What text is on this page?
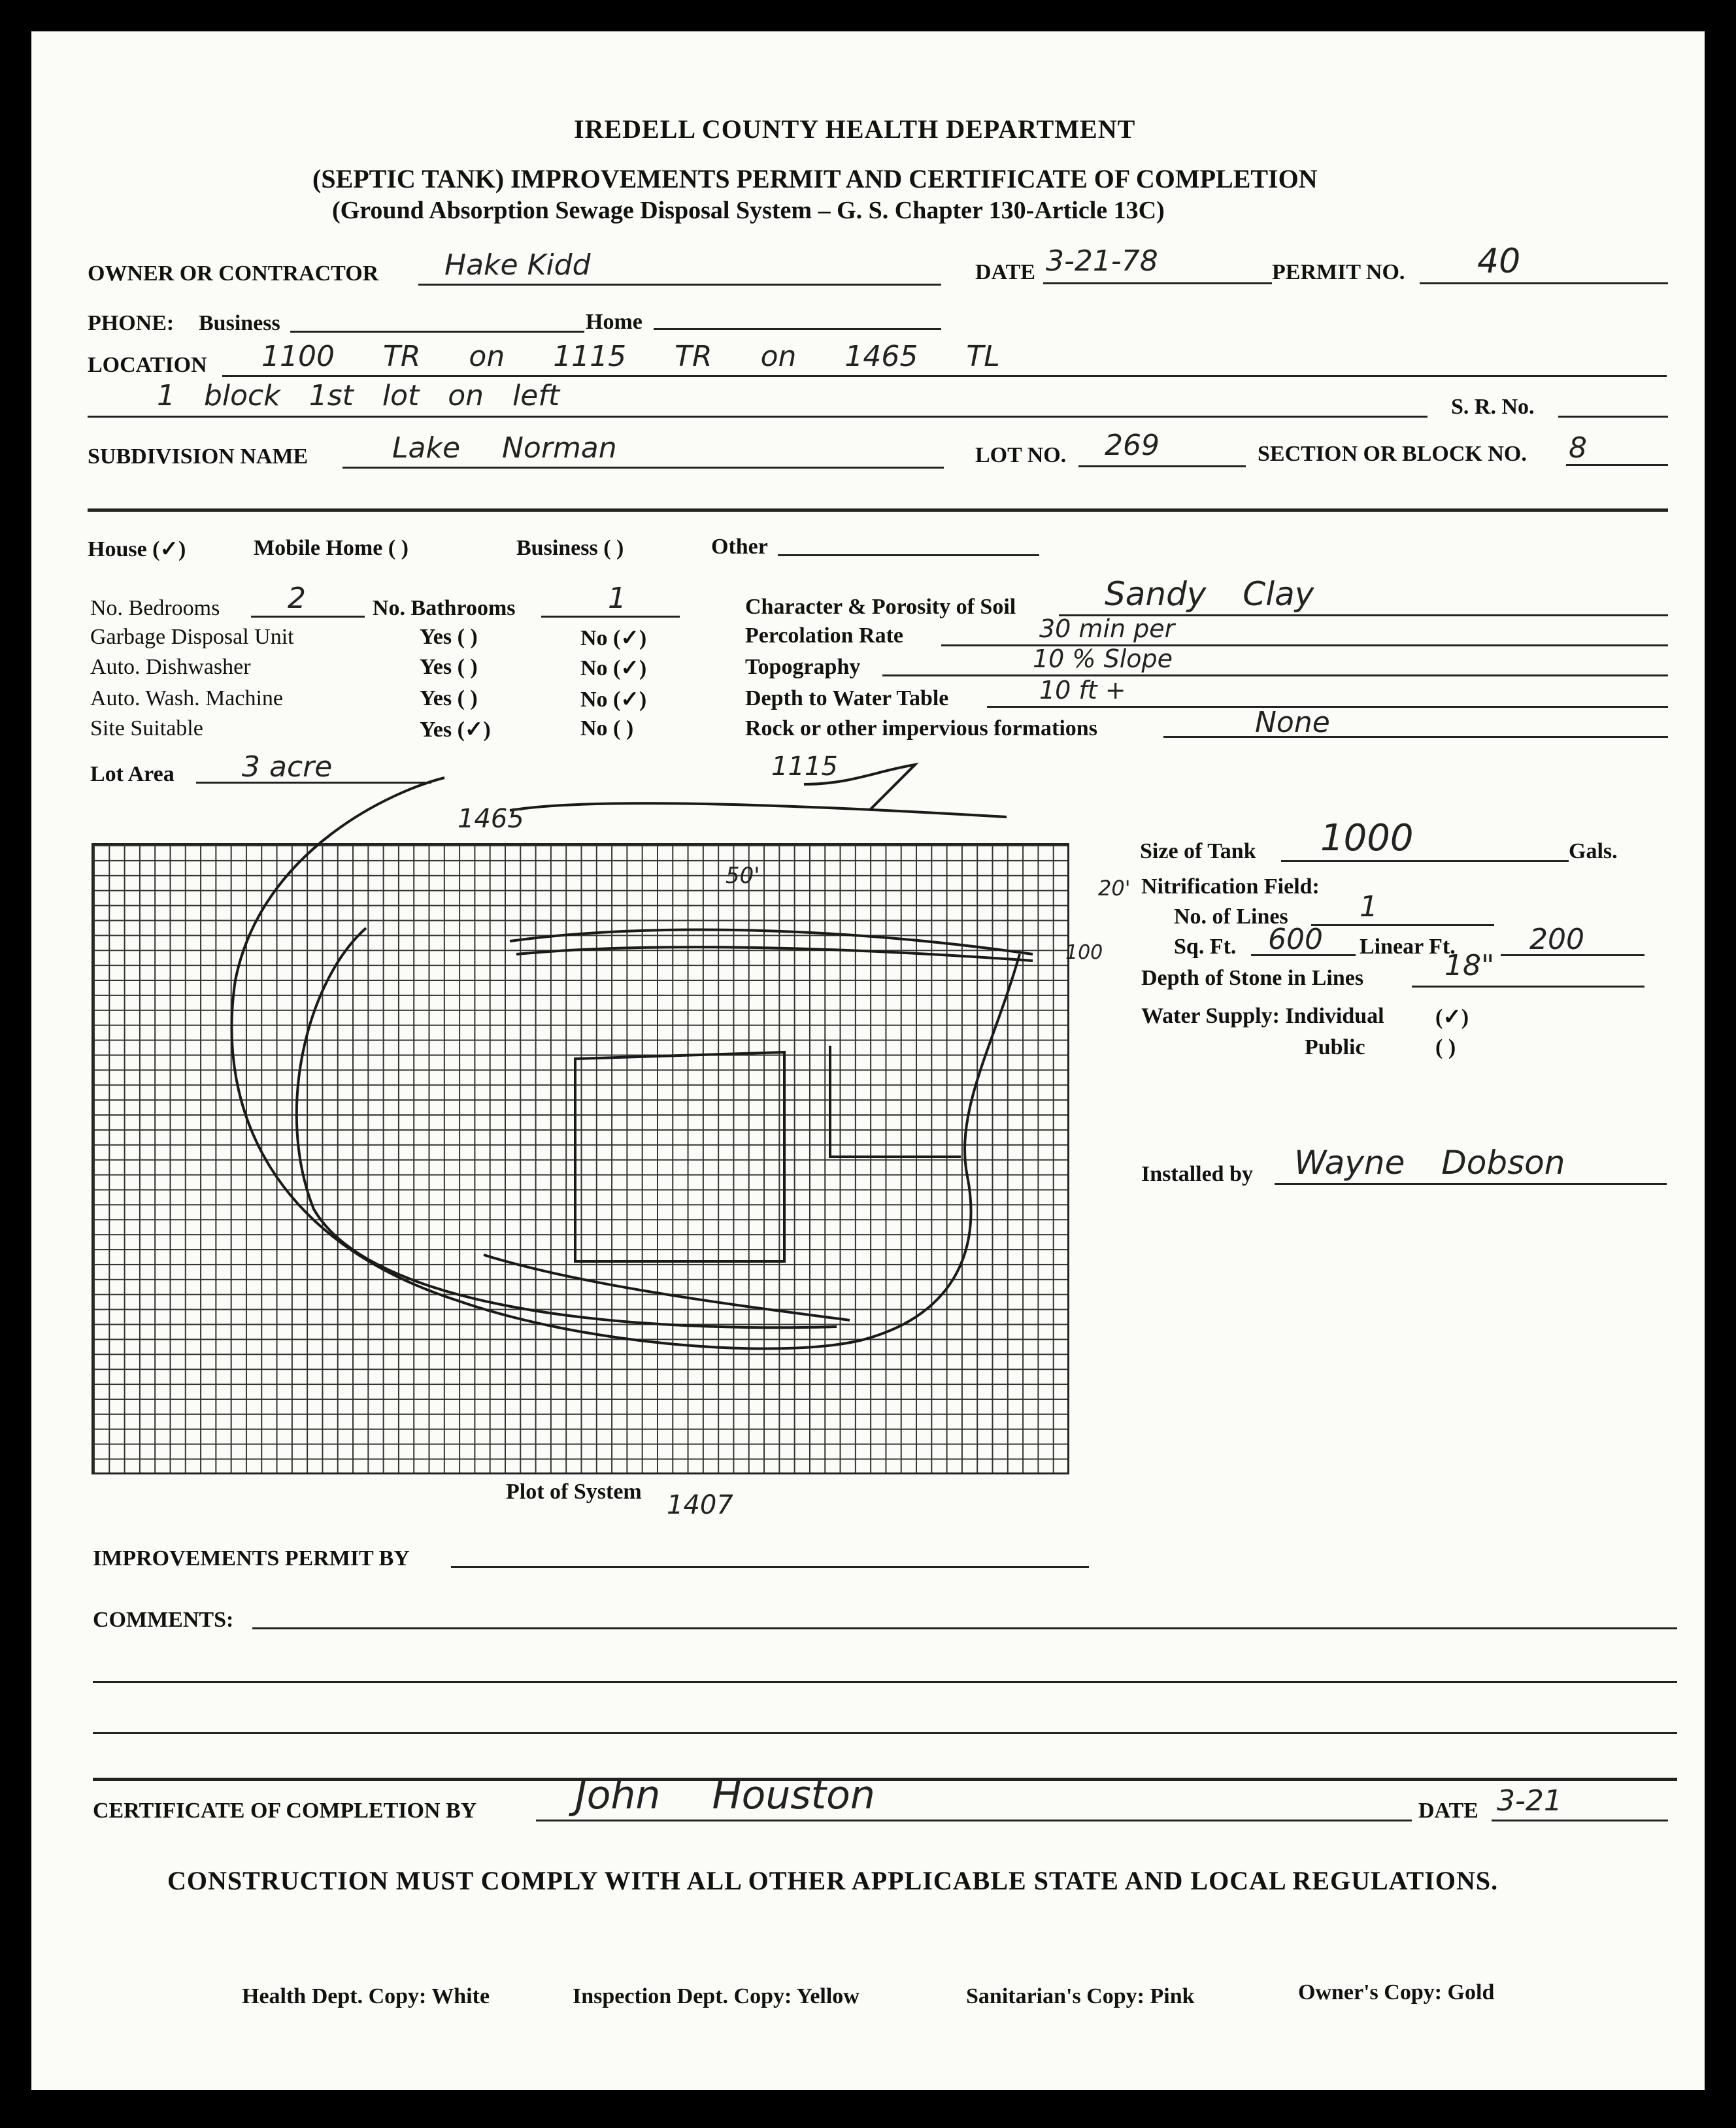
IREDELL COUNTY HEALTH DEPARTMENT
(SEPTIC TANK) IMPROVEMENTS PERMIT AND CERTIFICATE OF COMPLETION
(Ground Absorption Sewage Disposal System – G. S. Chapter 130-Article 13C)
OWNER OR CONTRACTOR Hake Kidd	DATE 3-21-78	PERMIT NO. 40
PHONE: Business	Home
LOCATION 1100 TR on 1115 TR on 1465 TL
1 block 1st lot on left	S. R. No.
SUBDIVISION NAME	Lake Norman	LOT NO. 269	SECTION OR BLOCK NO. 8
House (✓)	Mobile Home ( )	Business ( )	Other
No. Bedrooms 2	No. Bathrooms	1
Garbage Disposal Unit	Yes ( )	No (✓)
Auto. Dishwasher	Yes ( )	No (✓)
Auto. Wash. Machine	Yes ( )	No (✓)
Site Suitable	Yes (✓)	No ( )
Lot Area 3 acre
Character & Porosity of Soil	Sandy Clay
Percolation Rate	30 min per
Topography	10 % Slope
Depth to Water Table	10 ft +
Rock or other impervious formations	None
1465
1115
1407
50'
100
20'
Plot of System
Size of Tank 1000	Gals.
Nitrification Field:
No. of Lines 1
Sq. Ft. 600 Linear Ft.	200
Depth of Stone in Lines	18"
Water Supply: Individual (✓)
Public	( )
Installed by Wayne Dobson
IMPROVEMENTS PERMIT BY
COMMENTS:
CERTIFICATE OF COMPLETION BY	John Houston	DATE 3-21
CONSTRUCTION MUST COMPLY WITH ALL OTHER APPLICABLE STATE AND LOCAL REGULATIONS.
Health Dept. Copy: White	Inspection Dept. Copy: Yellow	Sanitarian's Copy: Pink	Owner's Copy: Gold
